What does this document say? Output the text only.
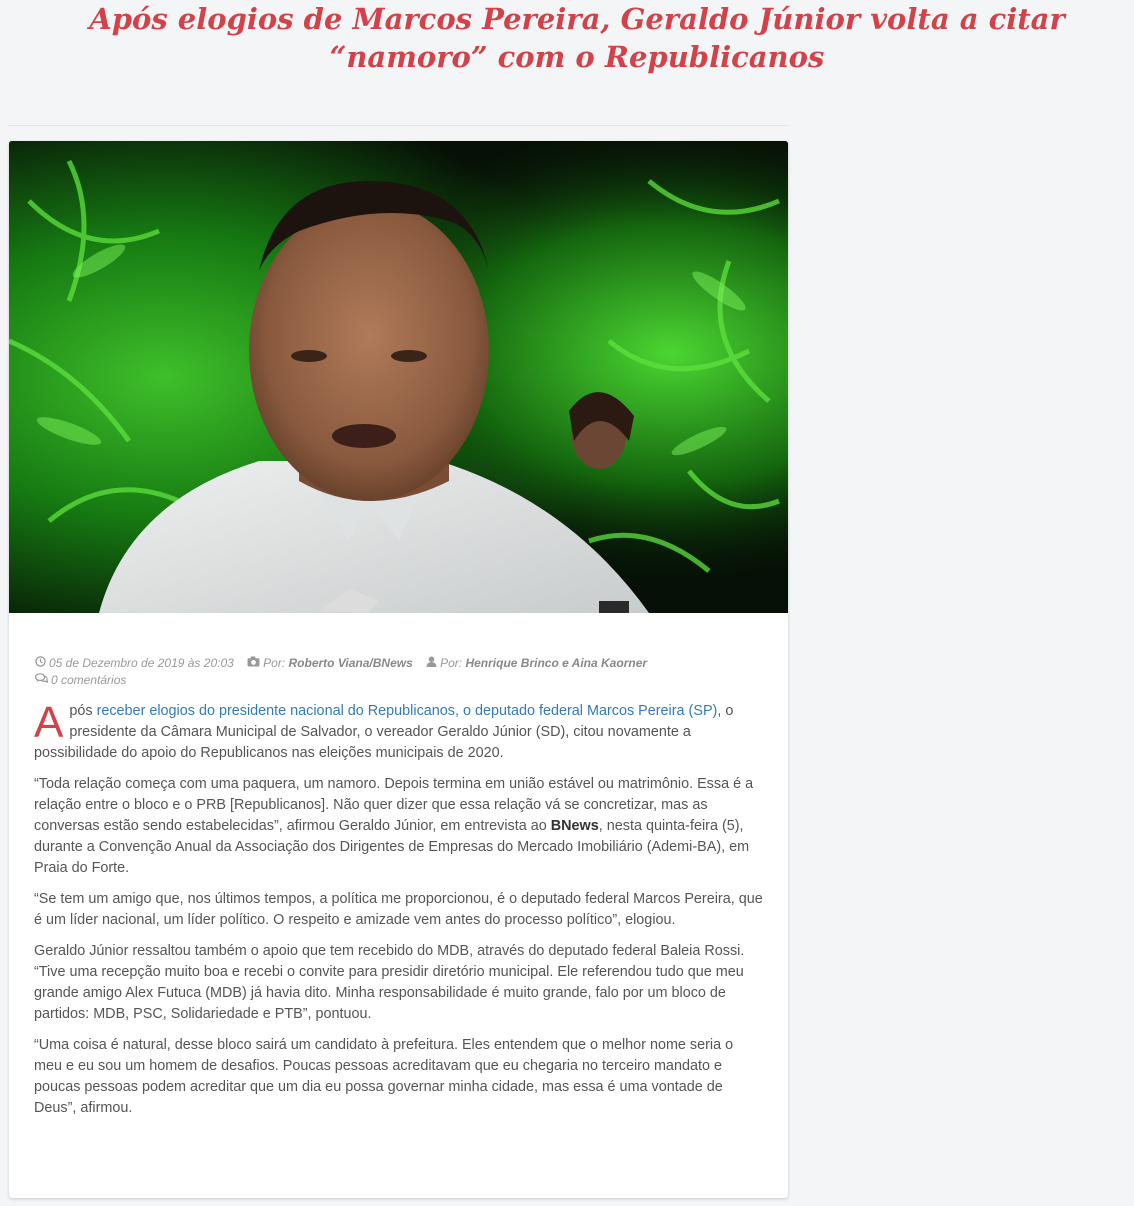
Após elogios de Marcos Pereira, Geraldo Júnior volta a citar “namoro” com o Republicanos
05 de Dezembro de 2019 às 20:03 Por: Roberto Viana/BNews Por: Henrique Brinco e Aina Kaorner
0 comentários

Após receber elogios do presidente nacional do Republicanos, o deputado federal Marcos Pereira (SP), o presidente da Câmara Municipal de Salvador, o vereador Geraldo Júnior (SD), citou novamente a possibilidade do apoio do Republicanos nas eleições municipais de 2020.

“Toda relação começa com uma paquera, um namoro. Depois termina em união estável ou matrimônio. Essa é a relação entre o bloco e o PRB [Republicanos]. Não quer dizer que essa relação vá se concretizar, mas as conversas estão sendo estabelecidas”, afirmou Geraldo Júnior, em entrevista ao BNews, nesta quinta-feira (5), durante a Convenção Anual da Associação dos Dirigentes de Empresas do Mercado Imobiliário (Ademi-BA), em Praia do Forte.

“Se tem um amigo que, nos últimos tempos, a política me proporcionou, é o deputado federal Marcos Pereira, que é um líder nacional, um líder político. O respeito e amizade vem antes do processo político”, elogiou.

Geraldo Júnior ressaltou também o apoio que tem recebido do MDB, através do deputado federal Baleia Rossi. “Tive uma recepção muito boa e recebi o convite para presidir diretório municipal. Ele referendou tudo que meu grande amigo Alex Futuca (MDB) já havia dito. Minha responsabilidade é muito grande, falo por um bloco de partidos: MDB, PSC, Solidariedade e PTB”, pontuou.

“Uma coisa é natural, desse bloco sairá um candidato à prefeitura. Eles entendem que o melhor nome seria o meu e eu sou um homem de desafios. Poucas pessoas acreditavam que eu chegaria no terceiro mandato e poucas pessoas podem acreditar que um dia eu possa governar minha cidade, mas essa é uma vontade de Deus”, afirmou.
